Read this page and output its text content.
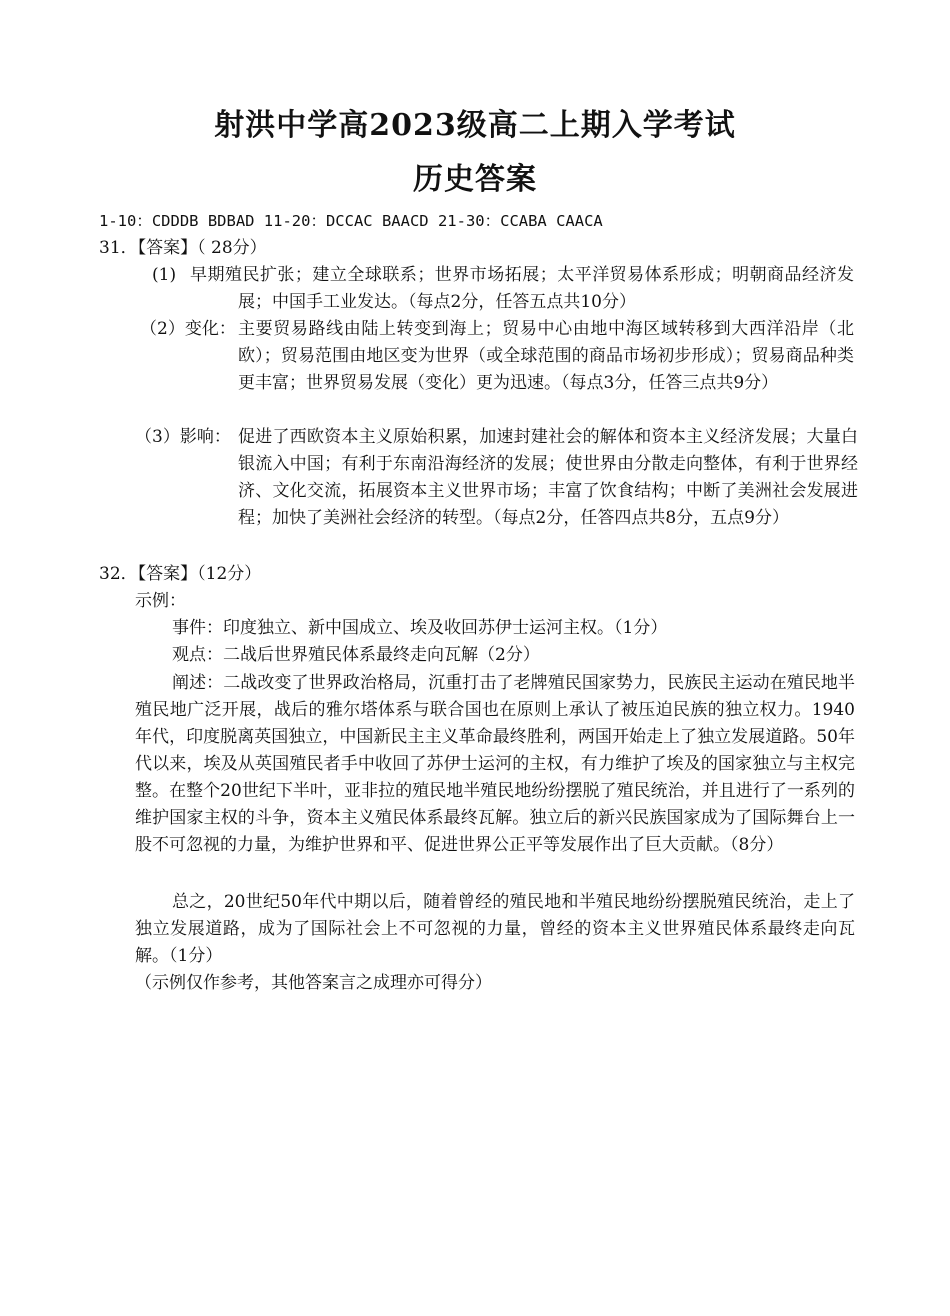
射洪中学高2023级高二上期入学考试
历史答案
1-10：CDDDB BDBAD 11-20：DCCAC BAACD 21-30：CCABA CAACA
31．【答案】（ 28分）
(1) 早期殖民扩张；建立全球联系；世界市场拓展；太平洋贸易体系形成；明朝商品经济发展；中国手工业发达。（每点2分，任答五点共10分）
（2）变化： 主要贸易路线由陆上转变到海上；贸易中心由地中海区域转移到大西洋沿岸（北欧）；贸易范围由地区变为世界（或全球范围的商品市场初步形成）；贸易商品种类更丰富；世界贸易发展（变化）更为迅速。（每点3分，任答三点共9分）
（3）影响： 促进了西欧资本主义原始积累，加速封建社会的解体和资本主义经济发展；大量白银流入中国；有利于东南沿海经济的发展；使世界由分散走向整体，有利于世界经济、文化交流，拓展资本主义世界市场；丰富了饮食结构；中断了美洲社会发展进程；加快了美洲社会经济的转型。（每点2分，任答四点共8分，五点9分）
32．【答案】（12分）
示例：
事件：印度独立、新中国成立、埃及收回苏伊士运河主权。（1分）
观点：二战后世界殖民体系最终走向瓦解（2分）
阐述：二战改变了世界政治格局，沉重打击了老牌殖民国家势力，民族民主运动在殖民地半殖民地广泛开展，战后的雅尔塔体系与联合国也在原则上承认了被压迫民族的独立权力。1940年代，印度脱离英国独立，中国新民主主义革命最终胜利，两国开始走上了独立发展道路。50年代以来，埃及从英国殖民者手中收回了苏伊士运河的主权，有力维护了埃及的国家独立与主权完整。在整个20世纪下半叶，亚非拉的殖民地半殖民地纷纷摆脱了殖民统治，并且进行了一系列的维护国家主权的斗争，资本主义殖民体系最终瓦解。独立后的新兴民族国家成为了国际舞台上一股不可忽视的力量，为维护世界和平、促进世界公正平等发展作出了巨大贡献。（8分）
总之，20世纪50年代中期以后，随着曾经的殖民地和半殖民地纷纷摆脱殖民统治，走上了独立发展道路，成为了国际社会上不可忽视的力量，曾经的资本主义世界殖民体系最终走向瓦解。（1分）
（示例仅作参考，其他答案言之成理亦可得分）
